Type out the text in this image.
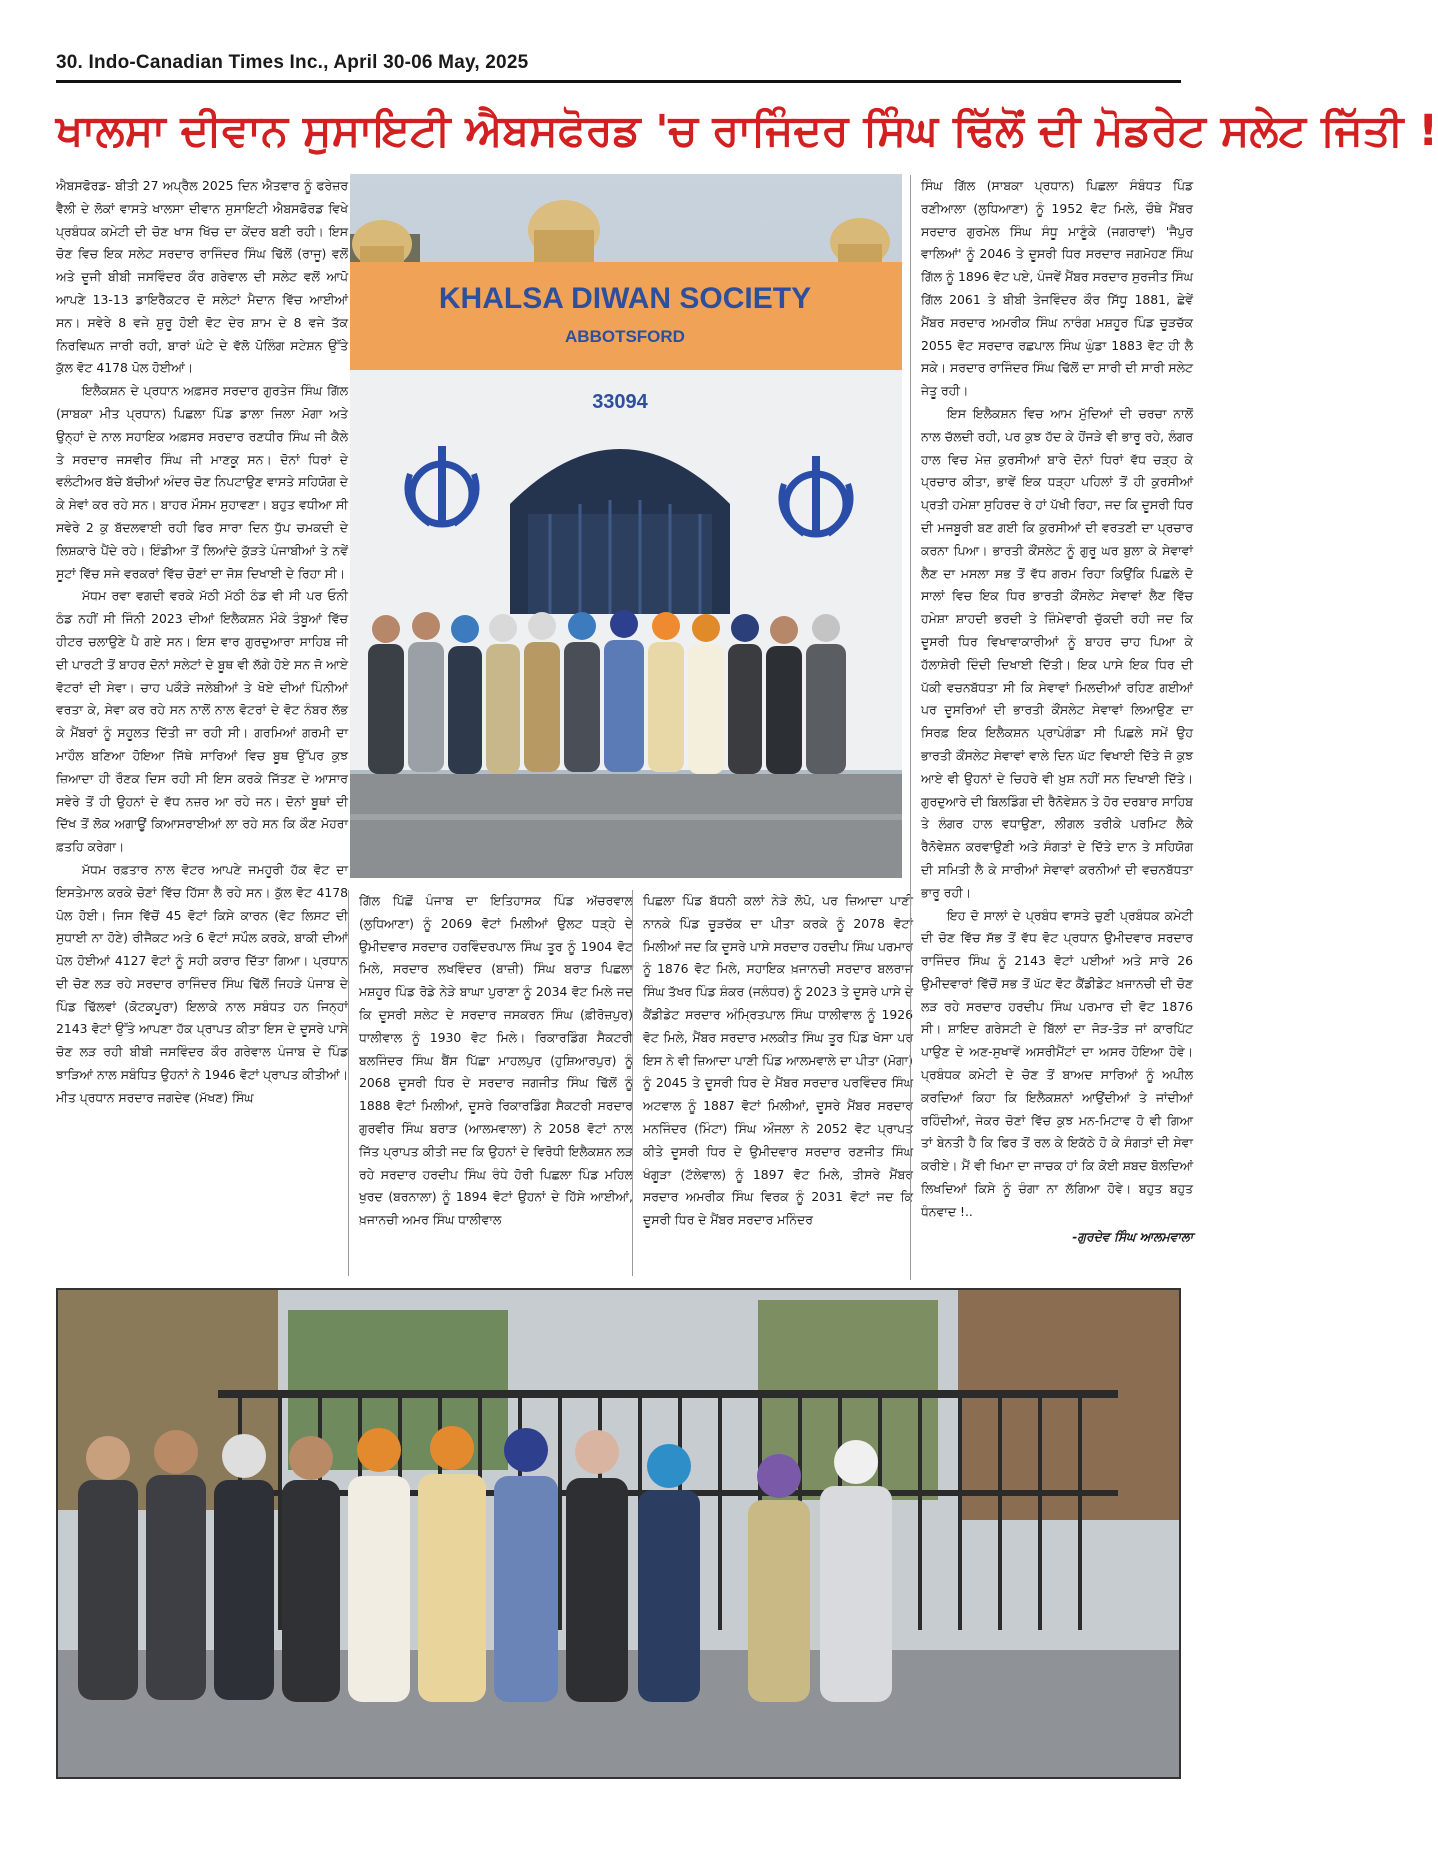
30. Indo-Canadian Times Inc., April 30-06 May, 2025
ਖਾਲਸਾ ਦੀਵਾਨ ਸੁਸਾਇਟੀ ਐਬਸਫੋਰਡ 'ਚ ਰਾਜਿੰਦਰ ਸਿੰਘ ਢਿੱਲੋਂ ਦੀ ਮੋਡਰੇਟ ਸਲੇਟ ਜਿੱਤੀ !

ਐਬਸਫੋਰਡ- ਬੀਤੀ 27 ਅਪ੍ਰੈਲ 2025 ਦਿਨ ਐਤਵਾਰ ਨੂੰ ਫਰੇਜ਼ਰ ਵੈਲੀ ਦੇ ਲੋਕਾਂ ਵਾਸਤੇ ਖਾਲਸਾ ਦੀਵਾਨ ਸੁਸਾਇਟੀ ਐਬਸਫੋਰਡ ਵਿਖੇ ਪ੍ਰਬੰਧਕ ਕਮੇਟੀ ਦੀ ਚੋਣ ਖਾਸ ਖਿੱਚ ਦਾ ਕੇਂਦਰ ਬਣੀ ਰਹੀ। ਇਸ ਚੋਣ ਵਿਚ ਇਕ ਸਲੇਟ ਸਰਦਾਰ ਰਾਜਿੰਦਰ ਸਿੰਘ ਢਿੱਲੋਂ (ਰਾਜੂ) ਵਲੋਂ ਅਤੇ ਦੂਜੀ ਬੀਬੀ ਜਸਵਿੰਦਰ ਕੌਰ ਗਰੇਵਾਲ ਦੀ ਸਲੇਟ ਵਲੋਂ ਆਪੋ ਆਪਣੇ 13-13 ਡਾਇਰੈਕਟਰ ਦੋ ਸਲੇਟਾਂ ਮੈਦਾਨ ਵਿੱਚ ਆਈਆਂ ਸਨ। ਸਵੇਰੇ 8 ਵਜੇ ਸ਼ੁਰੂ ਹੋਈ ਵੋਟ ਦੇਰ ਸ਼ਾਮ ਦੇ 8 ਵਜੇ ਤੱਕ ਨਿਰਵਿਘਨ ਜਾਰੀ ਰਹੀ, ਬਾਰਾਂ ਘੰਟੇ ਦੇ ਵੱਲੋ ਪੋਲਿੰਗ ਸਟੇਸ਼ਨ ਉੱਤੇ ਕੁੱਲ ਵੋਟ 4178 ਪੋਲ ਹੋਈਆਂ।

ਇਲੈਕਸ਼ਨ ਦੇ ਪ੍ਰਧਾਨ ਅਫ਼ਸਰ ਸਰਦਾਰ ਗੁਰਤੇਜ ਸਿੰਘ ਗਿੱਲ (ਸਾਬਕਾ ਮੀਤ ਪ੍ਰਧਾਨ) ਪਿਛਲਾ ਪਿੰਡ ਡਾਲਾ ਜਿਲਾ ਮੋਗਾ ਅਤੇ ਉਨ੍ਹਾਂ ਦੇ ਨਾਲ ਸਹਾਇਕ ਅਫ਼ਸਰ ਸਰਦਾਰ ਰਣਧੀਰ ਸਿੰਘ ਜੀ ਕੈਲੇ ਤੇ ਸਰਦਾਰ ਜਸਵੀਰ ਸਿੰਘ ਜੀ ਮਾਣਕੂ ਸਨ। ਦੋਨਾਂ ਧਿਰਾਂ ਦੇ ਵਲੰਟੀਅਰ ਬੱਚੇ ਬੱਚੀਆਂ ਅੰਦਰ ਚੋਣ ਨਿਪਟਾਉਣ ਵਾਸਤੇ ਸਹਿਯੋਗ ਦੇ ਕੇ ਸੇਵਾਂ ਕਰ ਰਹੇ ਸਨ। ਬਾਹਰ ਮੌਸਮ ਸੁਹਾਵਣਾ। ਬਹੁਤ ਵਧੀਆ ਸੀ ਸਵੇਰੇ 2 ਕੁ ਬੱਦਲਵਾਈ ਰਹੀ ਫਿਰ ਸਾਰਾ ਦਿਨ ਧੁੱਪ ਚਮਕਦੀ ਦੇ ਲਿਸ਼ਕਾਰੇ ਪੈਂਦੇ ਰਹੇ। ਇੰਡੀਆ ਤੋਂ ਲਿਆਂਦੇ ਕੁੱੜਤੇ ਪੰਜਾਬੀਆਂ ਤੇ ਨਵੇਂ ਸੂਟਾਂ ਵਿੱਚ ਸਜੇ ਵਰਕਰਾਂ ਵਿੱਚ ਚੋਣਾਂ ਦਾ ਜੋਸ਼ ਦਿਖਾਈ ਦੇ ਰਿਹਾ ਸੀ।

ਮੱਧਮ ਰਵਾ ਵਗਦੀ ਵਰਕੇ ਮੱਠੀ ਮੱਠੀ ਠੰਡ ਵੀ ਸੀ ਪਰ ਓਨੀ ਠੰਡ ਨਹੀਂ ਸੀ ਜਿੰਨੀ 2023 ਦੀਆਂ ਇਲੈਕਸ਼ਨ ਮੌਕੇ ਤੰਬੂਆਂ ਵਿੱਚ ਹੀਟਰ ਚਲਾਉਣੇ ਪੈ ਗਏ ਸਨ। ਇਸ ਵਾਰ ਗੁਰਦੁਆਰਾ ਸਾਹਿਬ ਜੀ ਦੀ ਪਾਰਟੀ ਤੋਂ ਬਾਹਰ ਦੋਨਾਂ ਸਲੇਟਾਂ ਦੇ ਬੂਥ ਵੀ ਲੱਗੇ ਹੋਏ ਸਨ ਜੋ ਆਏ ਵੋਟਰਾਂ ਦੀ ਸੇਵਾ। ਚਾਹ ਪਕੌੜੇ ਜਲੇਬੀਆਂ ਤੇ ਖੋਏ ਦੀਆਂ ਪਿੰਨੀਆਂ ਵਰਤਾ ਕੇ, ਸੇਵਾ ਕਰ ਰਹੇ ਸਨ ਨਾਲੋਂ ਨਾਲ ਵੋਟਰਾਂ ਦੇ ਵੋਟ ਨੰਬਰ ਲੱਭ ਕੇ ਮੈਂਬਰਾਂ ਨੂੰ ਸਹੂਲਤ ਦਿੱਤੀ ਜਾ ਰਹੀ ਸੀ। ਗਰਮਿਆਂ ਗਰਮੀ ਦਾ ਮਾਹੌਲ ਬਣਿਆ ਹੋਇਆ ਜਿੱਥੇ ਸਾਰਿਆਂ ਵਿਚ ਬੂਥ ਉੱਪਰ ਕੁਝ ਜ਼ਿਆਦਾ ਹੀ ਰੌਣਕ ਦਿਸ ਰਹੀ ਸੀ ਇਸ ਕਰਕੇ ਜਿੱਤਣ ਦੇ ਆਸਾਰ ਸਵੇਰੇ ਤੋਂ ਹੀ ਉਹਨਾਂ ਦੇ ਵੱਧ ਨਜ਼ਰ ਆ ਰਹੇ ਜਨ। ਦੋਨਾਂ ਬੂਥਾਂ ਦੀ ਦਿੱਖ ਤੋਂ ਲੋਕ ਅਗਾਊਂ ਕਿਆਸਰਾਈਆਂ ਲਾ ਰਹੇ ਸਨ ਕਿ ਕੌਣ ਮੋਹਰਾ ਫ਼ਤਹਿ ਕਰੇਗਾ।

ਮੱਧਮ ਰਫ਼ਤਾਰ ਨਾਲ ਵੋਟਰ ਆਪਣੇ ਜਮਹੂਰੀ ਹੱਕ ਵੋਟ ਦਾ ਇਸਤੇਮਾਲ ਕਰਕੇ ਚੋਣਾਂ ਵਿੱਚ ਹਿੱਸਾ ਲੈ ਰਹੇ ਸਨ। ਕੁੱਲ ਵੋਟ 4178 ਪੋਲ ਹੋਈ। ਜਿਸ ਵਿੱਚੋਂ 45 ਵੋਟਾਂ ਕਿਸੇ ਕਾਰਨ (ਵੋਟ ਲਿਸਟ ਦੀ ਸੁਧਾਈ ਨਾ ਹੋਣੇ) ਰੀਜੈਕਟ ਅਤੇ 6 ਵੋਟਾਂ ਸਪੌਲ ਕਰਕੇ, ਬਾਕੀ ਦੀਆਂ ਪੋਲ ਹੋਈਆਂ 4127 ਵੋਟਾਂ ਨੂੰ ਸਹੀ ਕਰਾਰ ਦਿੱਤਾ ਗਿਆ। ਪ੍ਰਧਾਨ ਦੀ ਚੋਣ ਲੜ ਰਹੇ ਸਰਦਾਰ ਰਾਜਿੰਦਰ ਸਿੰਘ ਢਿੱਲੋਂ ਜਿਹੜੇ ਪੰਜਾਬ ਦੇ ਪਿੰਡ ਢਿੱਲਵਾਂ (ਕੋਟਕਪੂਰਾ) ਇਲਾਕੇ ਨਾਲ ਸਬੰਧਤ ਹਨ ਜਿਨ੍ਹਾਂ 2143 ਵੋਟਾਂ ਉੱਤੇ ਆਪਣਾ ਹੱਕ ਪ੍ਰਾਪਤ ਕੀਤਾ ਇਸ ਦੇ ਦੂਸਰੇ ਪਾਸੇ ਚੋਣ ਲੜ ਰਹੀ ਬੀਬੀ ਜਸਵਿੰਦਰ ਕੌਰ ਗਰੇਵਾਲ ਪੰਜਾਬ ਦੇ ਪਿੰਡ ਝਾੜਿਆਂ ਨਾਲ ਸਬੰਧਿਤ ਉਹਨਾਂ ਨੇ 1946 ਵੋਟਾਂ ਪ੍ਰਾਪਤ ਕੀਤੀਆਂ। ਮੀਤ ਪ੍ਰਧਾਨ ਸਰਦਾਰ ਜਗਦੇਵ (ਮੱਖਣ) ਸਿੰਘ

KHALSA DIWAN SOCIETY
ABBOTSFORD
33094

ਗਿੱਲ ਪਿੱਛੋਂ ਪੰਜਾਬ ਦਾ ਇਤਿਹਾਸਕ ਪਿੰਡ ਅੱਚਰਵਾਲ (ਲੁਧਿਆਣਾ) ਨੂੰ 2069 ਵੋਟਾਂ ਮਿਲੀਆਂ ਉਲਟ ਧੜ੍ਹੇ ਦੇ ਉਮੀਦਵਾਰ ਸਰਦਾਰ ਹਰਵਿੰਦਰਪਾਲ ਸਿੰਘ ਤੂਰ ਨੂੰ 1904 ਵੋਟ ਮਿਲੇ, ਸਰਦਾਰ ਲਖਵਿੰਦਰ (ਬਾਜ਼ੀ) ਸਿੰਘ ਬਰਾੜ ਪਿਛਲਾ ਮਸ਼ਹੂਰ ਪਿੰਡ ਰੋਡੇ ਨੇੜੇ ਬਾਘਾ ਪੁਰਾਣਾ ਨੂੰ 2034 ਵੋਟ ਮਿਲੇ ਜਦ ਕਿ ਦੂਸਰੀ ਸਲੇਟ ਦੇ ਸਰਦਾਰ ਜਸਕਰਨ ਸਿੰਘ (ਫ਼ੀਰੋਜ਼ਪੁਰ) ਧਾਲੀਵਾਲ ਨੂੰ 1930 ਵੋਟ ਮਿਲੇ। ਰਿਕਾਰਡਿੰਗ ਸੈਕਟਰੀ ਬਲਜਿੰਦਰ ਸਿੰਘ ਬੈਂਸ ਪਿੱਛਾ ਮਾਹਲਪੁਰ (ਹੁਸ਼ਿਆਰਪੁਰ) ਨੂੰ 2068 ਦੂਸਰੀ ਧਿਰ ਦੇ ਸਰਦਾਰ ਜਗਜੀਤ ਸਿੰਘ ਢਿੱਲੋਂ ਨੂੰ 1888 ਵੋਟਾਂ ਮਿਲੀਆਂ, ਦੂਸਰੇ ਰਿਕਾਰਡਿੰਗ ਸੈਕਟਰੀ ਸਰਦਾਰ ਗੁਰਵੀਰ ਸਿੰਘ ਬਰਾੜ (ਆਲਮਵਾਲਾ) ਨੇ 2058 ਵੋਟਾਂ ਨਾਲ ਜਿੱਤ ਪ੍ਰਾਪਤ ਕੀਤੀ ਜਦ ਕਿ ਉਹਨਾਂ ਦੇ ਵਿਰੋਧੀ ਇਲੈਕਸ਼ਨ ਲੜ ਰਹੇ ਸਰਦਾਰ ਹਰਦੀਪ ਸਿੰਘ ਰੰਧੇ ਹੋਰੀ ਪਿਛਲਾ ਪਿੰਡ ਮਹਿਲ ਖੁਰਦ (ਬਰਨਾਲਾ) ਨੂੰ 1894 ਵੋਟਾਂ ਉਹਨਾਂ ਦੇ ਹਿੱਸੇ ਆਈਆਂ, ਖ਼ਜਾਨਚੀ ਅਮਰ ਸਿੰਘ ਧਾਲੀਵਾਲ

ਪਿਛਲਾ ਪਿੰਡ ਬੱਧਨੀ ਕਲਾਂ ਨੇੜੇ ਲੋਪੋ, ਪਰ ਜ਼ਿਆਦਾ ਪਾਣੀ ਨਾਨਕੇ ਪਿੰਡ ਚੂੜਚੱਕ ਦਾ ਪੀਤਾ ਕਰਕੇ ਨੂੰ 2078 ਵੋਟਾਂ ਮਿਲੀਆਂ ਜਦ ਕਿ ਦੂਸਰੇ ਪਾਸੇ ਸਰਦਾਰ ਹਰਦੀਪ ਸਿੰਘ ਪਰਮਾਰ ਨੂੰ 1876 ਵੋਟ ਮਿਲੇ, ਸਹਾਇਕ ਖ਼ਜਾਨਚੀ ਸਰਦਾਰ ਬਲਰਾਜ ਸਿੰਘ ਤੱਖਰ ਪਿੰਡ ਸ਼ੰਕਰ (ਜਲੰਧਰ) ਨੂੰ 2023 ਤੇ ਦੂਸਰੇ ਪਾਸੇ ਦੇ ਕੈਂਡੀਡੇਟ ਸਰਦਾਰ ਅੰਮ੍ਰਿਤਪਾਲ ਸਿੰਘ ਧਾਲੀਵਾਲ ਨੂੰ 1926 ਵੋਟ ਮਿਲੇ, ਮੈਂਬਰ ਸਰਦਾਰ ਮਲਕੀਤ ਸਿੰਘ ਤੂਰ ਪਿੰਡ ਖੋਸਾ ਪਰ ਇਸ ਨੇ ਵੀ ਜ਼ਿਆਦਾ ਪਾਣੀ ਪਿੰਡ ਆਲਮਵਾਲੇ ਦਾ ਪੀਤਾ (ਮੋਗਾ) ਨੂੰ 2045 ਤੇ ਦੂਸਰੀ ਧਿਰ ਦੇ ਮੈਂਬਰ ਸਰਦਾਰ ਪਰਵਿੰਦਰ ਸਿੰਘ ਅਟਵਾਲ ਨੂੰ 1887 ਵੋਟਾਂ ਮਿਲੀਆਂ, ਦੂਸਰੇ ਮੈਂਬਰ ਸਰਦਾਰ ਮਨਜਿੰਦਰ (ਮਿੰਟਾ) ਸਿੰਘ ਔਜਲਾ ਨੇ 2052 ਵੋਟ ਪ੍ਰਾਪਤ ਕੀਤੇ ਦੂਸਰੀ ਧਿਰ ਦੇ ਉਮੀਦਵਾਰ ਸਰਦਾਰ ਰਣਜੀਤ ਸਿੰਘ ਖੰਗੂੜਾ (ਟੱਲੇਵਾਲ) ਨੂੰ 1897 ਵੋਟ ਮਿਲੇ, ਤੀਸਰੇ ਮੈਂਬਰ ਸਰਦਾਰ ਅਮਰੀਕ ਸਿੰਘ ਵਿਰਕ ਨੂੰ 2031 ਵੋਟਾਂ ਜਦ ਕਿ ਦੂਸਰੀ ਧਿਰ ਦੇ ਮੈਂਬਰ ਸਰਦਾਰ ਮਨਿੰਦਰ

ਸਿੰਘ ਗਿੱਲ (ਸਾਬਕਾ ਪ੍ਰਧਾਨ) ਪਿਛਲਾ ਸੰਬੰਧਤ ਪਿੰਡ ਰਣੀਆਲਾ (ਲੁਧਿਆਣਾ) ਨੂੰ 1952 ਵੋਟ ਮਿਲੇ, ਚੌਥੇ ਮੈਂਬਰ ਸਰਦਾਰ ਗੁਰਮੇਲ ਸਿੰਘ ਸੰਧੂ ਮਾਣੂੰਕੇ (ਜਗਰਾਵਾਂ) 'ਜੈਪੁਰ ਵਾਲਿਆਂ' ਨੂੰ 2046 ਤੇ ਦੂਸਰੀ ਧਿਰ ਸਰਦਾਰ ਜਗਮੋਹਣ ਸਿੰਘ ਗਿੱਲ ਨੂੰ 1896 ਵੋਟ ਪਏ, ਪੰਜਵੇਂ ਮੈਂਬਰ ਸਰਦਾਰ ਸੁਰਜੀਤ ਸਿੰਘ ਗਿੱਲ 2061 ਤੇ ਬੀਬੀ ਤੇਜਵਿੰਦਰ ਕੌਰ ਸਿੱਧੂ 1881, ਛੇਵੇਂ ਮੈਂਬਰ ਸਰਦਾਰ ਅਮਰੀਕ ਸਿੰਘ ਨਾਰੰਗ ਮਸ਼ਹੂਰ ਪਿੰਡ ਚੂੜਚੱਕ 2055 ਵੋਟ ਸਰਦਾਰ ਰਛਪਾਲ ਸਿੰਘ ਘੁੰਡਾ 1883 ਵੋਟ ਹੀ ਲੈ ਸਕੇ। ਸਰਦਾਰ ਰਾਜਿੰਦਰ ਸਿੰਘ ਢਿੱਲੋਂ ਦਾ ਸਾਰੀ ਦੀ ਸਾਰੀ ਸਲੇਟ ਜੇਤੂ ਰਹੀ।

ਇਸ ਇਲੈਕਸ਼ਨ ਵਿਚ ਆਮ ਮੁੱਦਿਆਂ ਦੀ ਚਰਚਾ ਨਾਲੋਂ ਨਾਲ ਚੱਲਦੀ ਰਹੀ, ਪਰ ਕੁਝ ਹੱਦ ਕੇ ਹੋਂਜੜੇ ਵੀ ਭਾਰੂ ਰਹੇ, ਲੰਗਰ ਹਾਲ ਵਿਚ ਮੇਜ਼ ਕੁਰਸੀਆਂ ਬਾਰੇ ਦੋਨਾਂ ਧਿਰਾਂ ਵੱਧ ਚੜ੍ਹ ਕੇ ਪ੍ਰਚਾਰ ਕੀਤਾ, ਭਾਵੇਂ ਇਕ ਧੜ੍ਹਾ ਪਹਿਲਾਂ ਤੋਂ ਹੀ ਕੁਰਸੀਆਂ ਪ੍ਰਤੀ ਹਮੇਸ਼ਾ ਸੁਹਿਰਦ ਰੇ ਹਾਂ ਪੱਖੀ ਰਿਹਾ, ਜਦ ਕਿ ਦੂਸਰੀ ਧਿਰ ਦੀ ਮਜਬੂਰੀ ਬਣ ਗਈ ਕਿ ਕੁਰਸੀਆਂ ਦੀ ਵਰਤਣੀ ਦਾ ਪ੍ਰਚਾਰ ਕਰਨਾ ਪਿਆ। ਭਾਰਤੀ ਕੌਂਸਲੇਟ ਨੂੰ ਗੁਰੂ ਘਰ ਬੁਲਾ ਕੇ ਸੇਵਾਵਾਂ ਲੈਣ ਦਾ ਮਸਲਾ ਸਭ ਤੋਂ ਵੱਧ ਗਰਮ ਰਿਹਾ ਕਿਉਂਕਿ ਪਿਛਲੇ ਦੋ ਸਾਲਾਂ ਵਿਚ ਇਕ ਧਿਰ ਭਾਰਤੀ ਕੌਂਸਲੇਟ ਸੇਵਾਵਾਂ ਲੈਣ ਵਿੱਚ ਹਮੇਸ਼ਾ ਸ਼ਾਹਦੀ ਭਰਦੀ ਤੇ ਜ਼ਿੰਮੇਵਾਰੀ ਚੁੱਕਦੀ ਰਹੀ ਜਦ ਕਿ ਦੂਸਰੀ ਧਿਰ ਵਿਖਾਵਾਕਾਰੀਆਂ ਨੂੰ ਬਾਹਰ ਚਾਹ ਪਿਆ ਕੇ ਹੱਲਾਸ਼ੇਰੀ ਦਿੰਦੀ ਦਿਖਾਈ ਦਿੱਤੀ। ਇਕ ਪਾਸੇ ਇਕ ਧਿਰ ਦੀ ਪੱਕੀ ਵਚਨਬੱਧਤਾ ਸੀ ਕਿ ਸੇਵਾਵਾਂ ਮਿਲਦੀਆਂ ਰਹਿਣ ਗਈਆਂ ਪਰ ਦੂਸਰਿਆਂ ਦੀ ਭਾਰਤੀ ਕੌਂਸਲੇਟ ਸੇਵਾਵਾਂ ਲਿਆਉਣ ਦਾ ਸਿਰਫ਼ ਇਕ ਇਲੈਕਸ਼ਨ ਪ੍ਰਾਪੇਗੰਡਾ ਸੀ ਪਿਛਲੇ ਸਮੇਂ ਉਹ ਭਾਰਤੀ ਕੌਂਸਲੇਟ ਸੇਵਾਵਾਂ ਵਾਲੇ ਦਿਨ ਘੱਟ ਵਿਖਾਈ ਦਿੱਤੇ ਜੋ ਕੁਝ ਆਏ ਵੀ ਉਹਨਾਂ ਦੇ ਚਿਹਰੇ ਵੀ ਖ਼ੁਸ਼ ਨਹੀਂ ਸਨ ਦਿਖਾਈ ਦਿੱਤੇ। ਗੁਰਦੁਆਰੇ ਦੀ ਬਿਲਡਿੰਗ ਦੀ ਰੈਨੋਵੇਸ਼ਨ ਤੇ ਹੋਰ ਦਰਬਾਰ ਸਾਹਿਬ ਤੇ ਲੰਗਰ ਹਾਲ ਵਧਾਉਣਾ, ਲੀਗਲ ਤਰੀਕੇ ਪਰਮਿਟ ਲੈਕੇ ਰੈਨੋਵੇਸ਼ਨ ਕਰਵਾਉਣੀ ਅਤੇ ਸੰਗਤਾਂ ਦੇ ਦਿੱਤੇ ਦਾਨ ਤੇ ਸਹਿਯੋਗ ਦੀ ਸਮਿਤੀ ਲੈ ਕੇ ਸਾਰੀਆਂ ਸੇਵਾਵਾਂ ਕਰਨੀਆਂ ਦੀ ਵਚਨਬੱਧਤਾ ਭਾਰੂ ਰਹੀ।

ਇਹ ਦੋ ਸਾਲਾਂ ਦੇ ਪ੍ਰਬੰਧ ਵਾਸਤੇ ਚੁਣੀ ਪ੍ਰਬੰਧਕ ਕਮੇਟੀ ਦੀ ਚੋਣ ਵਿੱਚ ਸੱਭ ਤੋਂ ਵੱਧ ਵੋਟ ਪ੍ਰਧਾਨ ਉਮੀਦਵਾਰ ਸਰਦਾਰ ਰਾਜਿੰਦਰ ਸਿੰਘ ਨੂੰ 2143 ਵੋਟਾਂ ਪਈਆਂ ਅਤੇ ਸਾਰੇ 26 ਉਮੀਦਵਾਰਾਂ ਵਿੱਚੋਂ ਸਭ ਤੋਂ ਘੱਟ ਵੋਟ ਕੈਂਡੀਡੇਟ ਖ਼ਜਾਨਚੀ ਦੀ ਚੋਣ ਲੜ ਰਹੇ ਸਰਦਾਰ ਹਰਦੀਪ ਸਿੰਘ ਪਰਮਾਰ ਦੀ ਵੋਟ 1876 ਸੀ। ਸ਼ਾਇਦ ਗਰੇਸਟੀ ਦੇ ਬਿੱਲਾਂ ਦਾ ਜੋੜ-ਤੋੜ ਜਾਂ ਕਾਰਪਿੱਟ ਪਾਉਣ ਦੇ ਅਣ-ਸੁਖਾਵੇਂ ਅਸਰੀਮੈਂਟਾਂ ਦਾ ਅਸਰ ਹੋਇਆ ਹੋਵੇ। ਪ੍ਰਬੰਧਕ ਕਮੇਟੀ ਦੇ ਚੋਣ ਤੋਂ ਬਾਅਦ ਸਾਰਿਆਂ ਨੂੰ ਅਪੀਲ ਕਰਦਿਆਂ ਕਿਹਾ ਕਿ ਇਲੈਕਸ਼ਨਾਂ ਆਉਂਦੀਆਂ ਤੇ ਜਾਂਦੀਆਂ ਰਹਿੰਦੀਆਂ, ਜੇਕਰ ਚੋਣਾਂ ਵਿੱਚ ਕੁਝ ਮਨ-ਮਿਟਾਵ ਹੋ ਵੀ ਗਿਆ ਤਾਂ ਬੇਨਤੀ ਹੈ ਕਿ ਫਿਰ ਤੋਂ ਰਲ ਕੇ ਇਕੱਠੇ ਹੋ ਕੇ ਸੰਗਤਾਂ ਦੀ ਸੇਵਾ ਕਰੀਏ। ਮੈਂ ਵੀ ਖਿਮਾ ਦਾ ਜਾਚਕ ਹਾਂ ਕਿ ਕੋਈ ਸ਼ਬਦ ਬੋਲਦਿਆਂ ਲਿਖਦਿਆਂ ਕਿਸੇ ਨੂੰ ਚੰਗਾ ਨਾ ਲੱਗਿਆ ਹੋਵੇ। ਬਹੁਤ ਬਹੁਤ ਧੰਨਵਾਦ !..

-ਗੁਰਦੇਵ ਸਿੰਘ ਆਲਮਵਾਲਾ
